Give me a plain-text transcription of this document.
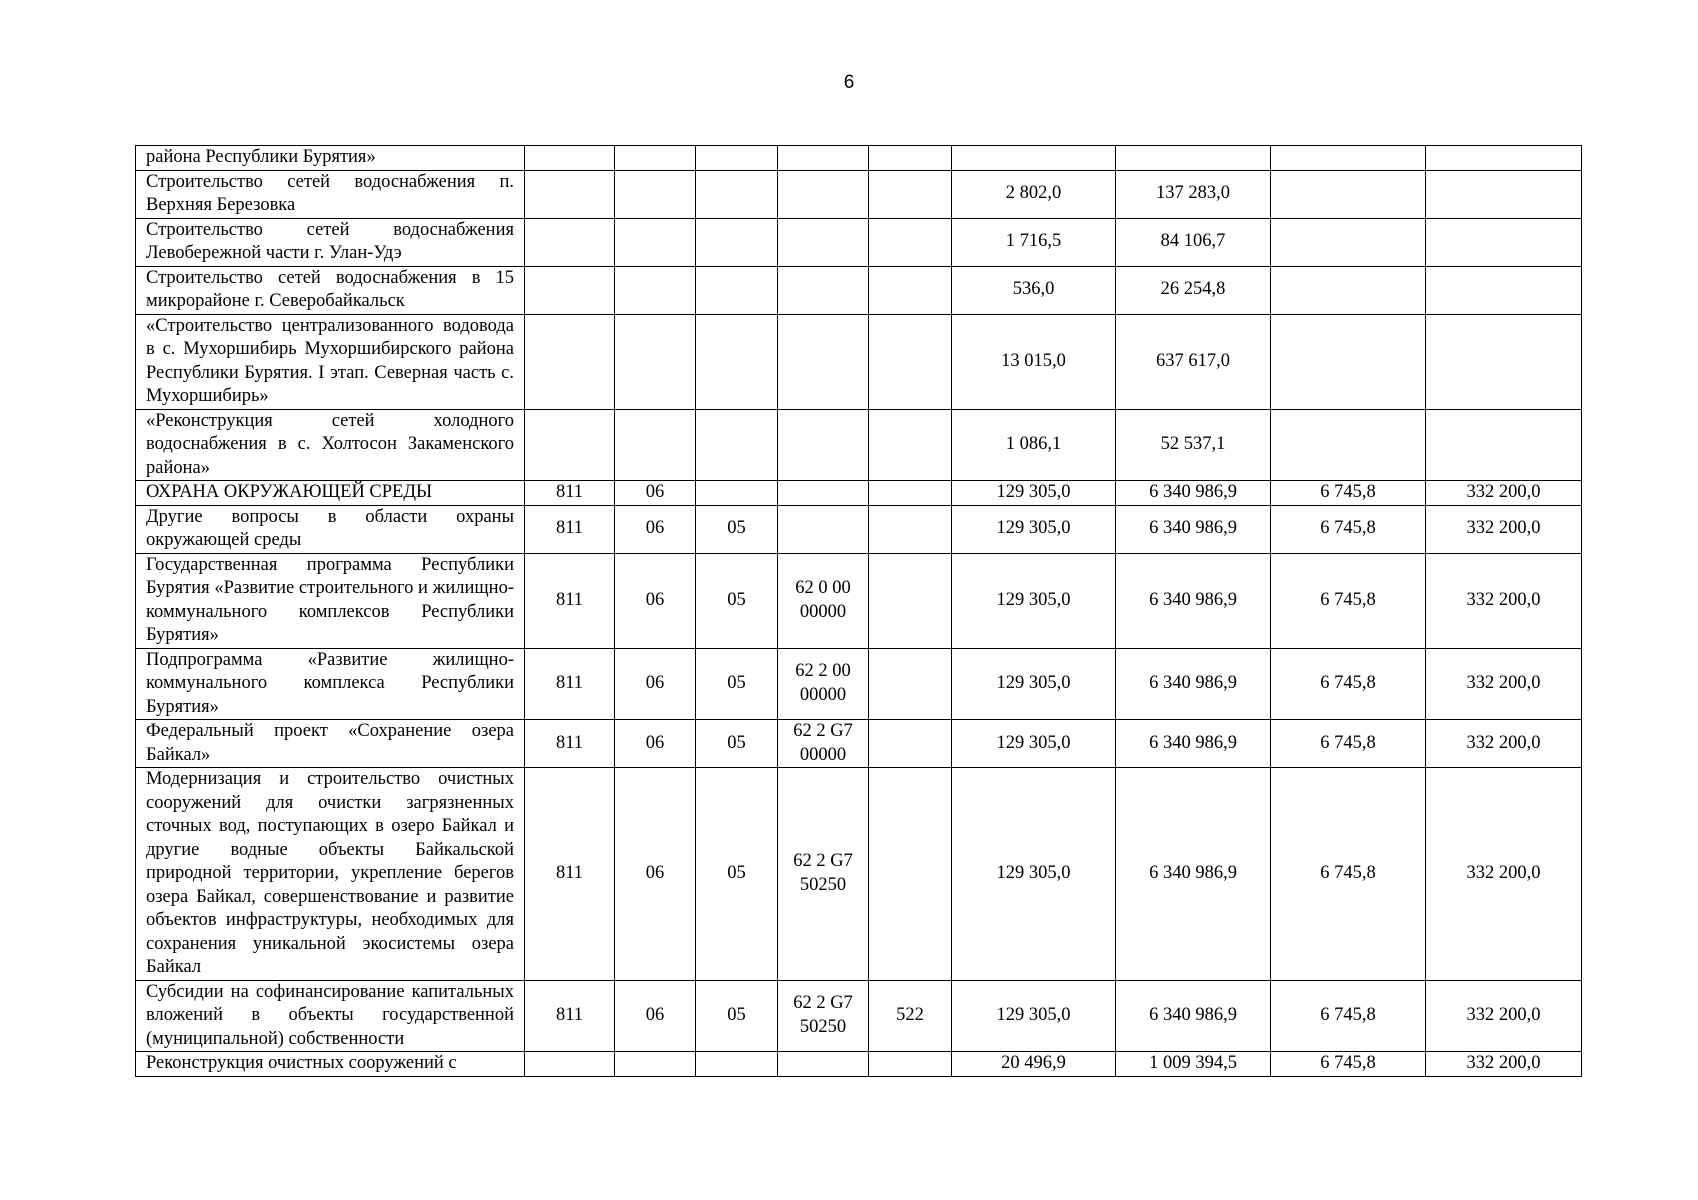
6
района Республики Бурятия»									
Строительство сетей водоснабжения п. Верхняя Березовка						2 802,0	137 283,0		
Строительство сетей водоснабжения Левобережной части г. Улан-Удэ						1 716,5	84 106,7		
Строительство сетей водоснабжения в 15 микрорайоне г. Северобайкальск						536,0	26 254,8		
«Строительство централизованного водовода в с. Мухоршибирь Мухоршибирского района Республики Бурятия. I этап. Северная часть с. Мухоршибирь»						13 015,0	637 617,0		
«Реконструкция сетей холодного водоснабжения в с. Холтосон Закаменского района»						1 086,1	52 537,1		
ОХРАНА ОКРУЖАЮЩЕЙ СРЕДЫ	811	06				129 305,0	6 340 986,9	6 745,8	332 200,0
Другие вопросы в области охраны окружающей среды	811	06	05			129 305,0	6 340 986,9	6 745,8	332 200,0
Государственная программа Республики Бурятия «Развитие строительного и жилищно-коммунального комплексов Республики Бурятия»	811	06	05	62 0 00 00000		129 305,0	6 340 986,9	6 745,8	332 200,0
Подпрограмма «Развитие жилищно-коммунального комплекса Республики Бурятия»	811	06	05	62 2 00 00000		129 305,0	6 340 986,9	6 745,8	332 200,0
Федеральный проект «Сохранение озера Байкал»	811	06	05	62 2 G7 00000		129 305,0	6 340 986,9	6 745,8	332 200,0
Модернизация и строительство очистных сооружений для очистки загрязненных сточных вод, поступающих в озеро Байкал и другие водные объекты Байкальской природной территории, укрепление берегов озера Байкал, совершенствование и развитие объектов инфраструктуры, необходимых для сохранения уникальной экосистемы озера Байкал	811	06	05	62 2 G7 50250		129 305,0	6 340 986,9	6 745,8	332 200,0
Субсидии на софинансирование капитальных вложений в объекты государственной (муниципальной) собственности	811	06	05	62 2 G7 50250	522	129 305,0	6 340 986,9	6 745,8	332 200,0
Реконструкция очистных сооружений с						20 496,9	1 009 394,5	6 745,8	332 200,0
